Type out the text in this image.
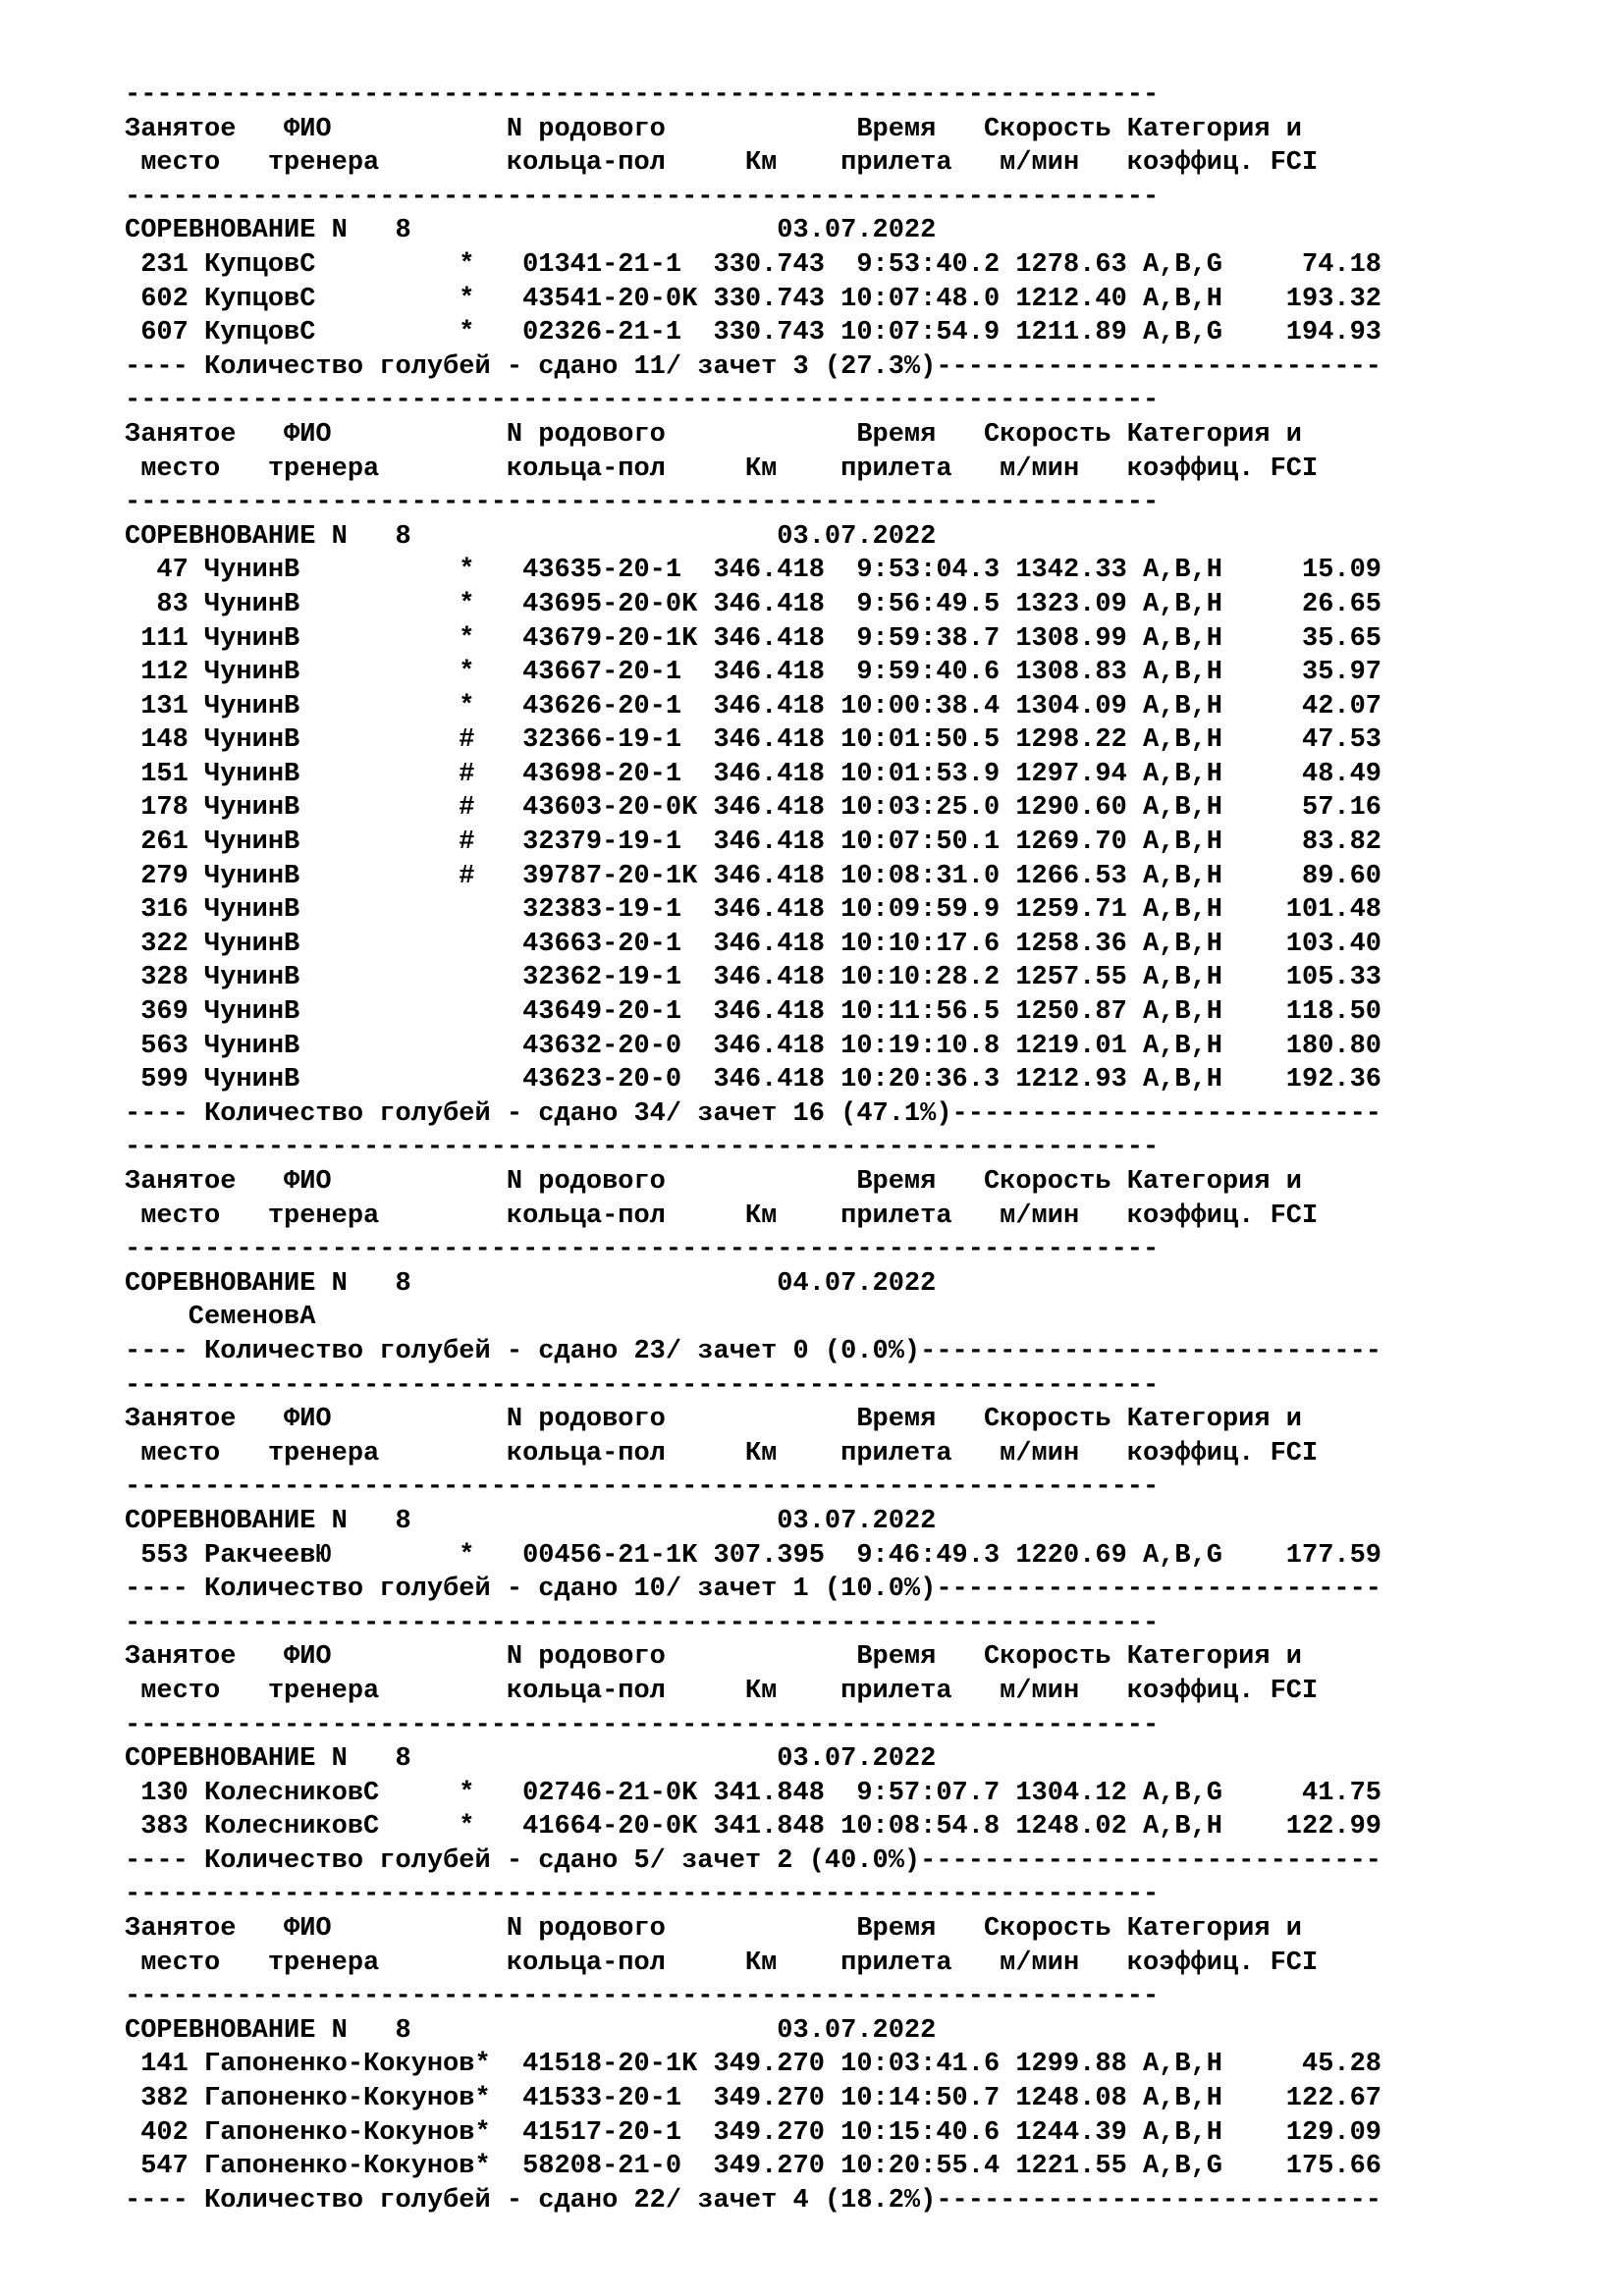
-----------------------------------------------------------------
Занятое   ФИО           N родового            Время   Скорость Категория и
место   тренера        кольца-пол     Км    прилета   м/мин   коэффиц. FCI
-----------------------------------------------------------------
СОРЕВНОВАНИЕ N   8                       03.07.2022
231 КупцовС         *   01341-21-1  330.743  9:53:40.2 1278.63 A,B,G     74.18
602 КупцовС         *   43541-20-0K 330.743 10:07:48.0 1212.40 A,B,H    193.32
607 КупцовС         *   02326-21-1  330.743 10:07:54.9 1211.89 A,B,G    194.93
---- Количество голубей - сдано 11/ зачет 3 (27.3%)----------------------------
-----------------------------------------------------------------
Занятое   ФИО           N родового            Время   Скорость Категория и
место   тренера        кольца-пол     Км    прилета   м/мин   коэффиц. FCI
-----------------------------------------------------------------
СОРЕВНОВАНИЕ N   8                       03.07.2022
47 ЧунинВ          *   43635-20-1  346.418  9:53:04.3 1342.33 A,B,H     15.09
83 ЧунинВ          *   43695-20-0K 346.418  9:56:49.5 1323.09 A,B,H     26.65
111 ЧунинВ          *   43679-20-1K 346.418  9:59:38.7 1308.99 A,B,H     35.65
112 ЧунинВ          *   43667-20-1  346.418  9:59:40.6 1308.83 A,B,H     35.97
131 ЧунинВ          *   43626-20-1  346.418 10:00:38.4 1304.09 A,B,H     42.07
148 ЧунинВ          #   32366-19-1  346.418 10:01:50.5 1298.22 A,B,H     47.53
151 ЧунинВ          #   43698-20-1  346.418 10:01:53.9 1297.94 A,B,H     48.49
178 ЧунинВ          #   43603-20-0K 346.418 10:03:25.0 1290.60 A,B,H     57.16
261 ЧунинВ          #   32379-19-1  346.418 10:07:50.1 1269.70 A,B,H     83.82
279 ЧунинВ          #   39787-20-1K 346.418 10:08:31.0 1266.53 A,B,H     89.60
316 ЧунинВ              32383-19-1  346.418 10:09:59.9 1259.71 A,B,H    101.48
322 ЧунинВ              43663-20-1  346.418 10:10:17.6 1258.36 A,B,H    103.40
328 ЧунинВ              32362-19-1  346.418 10:10:28.2 1257.55 A,B,H    105.33
369 ЧунинВ              43649-20-1  346.418 10:11:56.5 1250.87 A,B,H    118.50
563 ЧунинВ              43632-20-0  346.418 10:19:10.8 1219.01 A,B,H    180.80
599 ЧунинВ              43623-20-0  346.418 10:20:36.3 1212.93 A,B,H    192.36
---- Количество голубей - сдано 34/ зачет 16 (47.1%)---------------------------
-----------------------------------------------------------------
Занятое   ФИО           N родового            Время   Скорость Категория и
место   тренера        кольца-пол     Км    прилета   м/мин   коэффиц. FCI
-----------------------------------------------------------------
СОРЕВНОВАНИЕ N   8                       04.07.2022
СеменовА
---- Количество голубей - сдано 23/ зачет 0 (0.0%)-----------------------------
-----------------------------------------------------------------
Занятое   ФИО           N родового            Время   Скорость Категория и
место   тренера        кольца-пол     Км    прилета   м/мин   коэффиц. FCI
-----------------------------------------------------------------
СОРЕВНОВАНИЕ N   8                       03.07.2022
553 РакчеевЮ        *   00456-21-1K 307.395  9:46:49.3 1220.69 A,B,G    177.59
---- Количество голубей - сдано 10/ зачет 1 (10.0%)----------------------------
-----------------------------------------------------------------
Занятое   ФИО           N родового            Время   Скорость Категория и
место   тренера        кольца-пол     Км    прилета   м/мин   коэффиц. FCI
-----------------------------------------------------------------
СОРЕВНОВАНИЕ N   8                       03.07.2022
130 КолесниковС     *   02746-21-0K 341.848  9:57:07.7 1304.12 A,B,G     41.75
383 КолесниковС     *   41664-20-0K 341.848 10:08:54.8 1248.02 A,B,H    122.99
---- Количество голубей - сдано 5/ зачет 2 (40.0%)-----------------------------
-----------------------------------------------------------------
Занятое   ФИО           N родового            Время   Скорость Категория и
место   тренера        кольца-пол     Км    прилета   м/мин   коэффиц. FCI
-----------------------------------------------------------------
СОРЕВНОВАНИЕ N   8                       03.07.2022
141 Гапоненко-Кокунов*  41518-20-1K 349.270 10:03:41.6 1299.88 A,B,H     45.28
382 Гапоненко-Кокунов*  41533-20-1  349.270 10:14:50.7 1248.08 A,B,H    122.67
402 Гапоненко-Кокунов*  41517-20-1  349.270 10:15:40.6 1244.39 A,B,H    129.09
547 Гапоненко-Кокунов*  58208-21-0  349.270 10:20:55.4 1221.55 A,B,G    175.66
---- Количество голубей - сдано 22/ зачет 4 (18.2%)----------------------------
